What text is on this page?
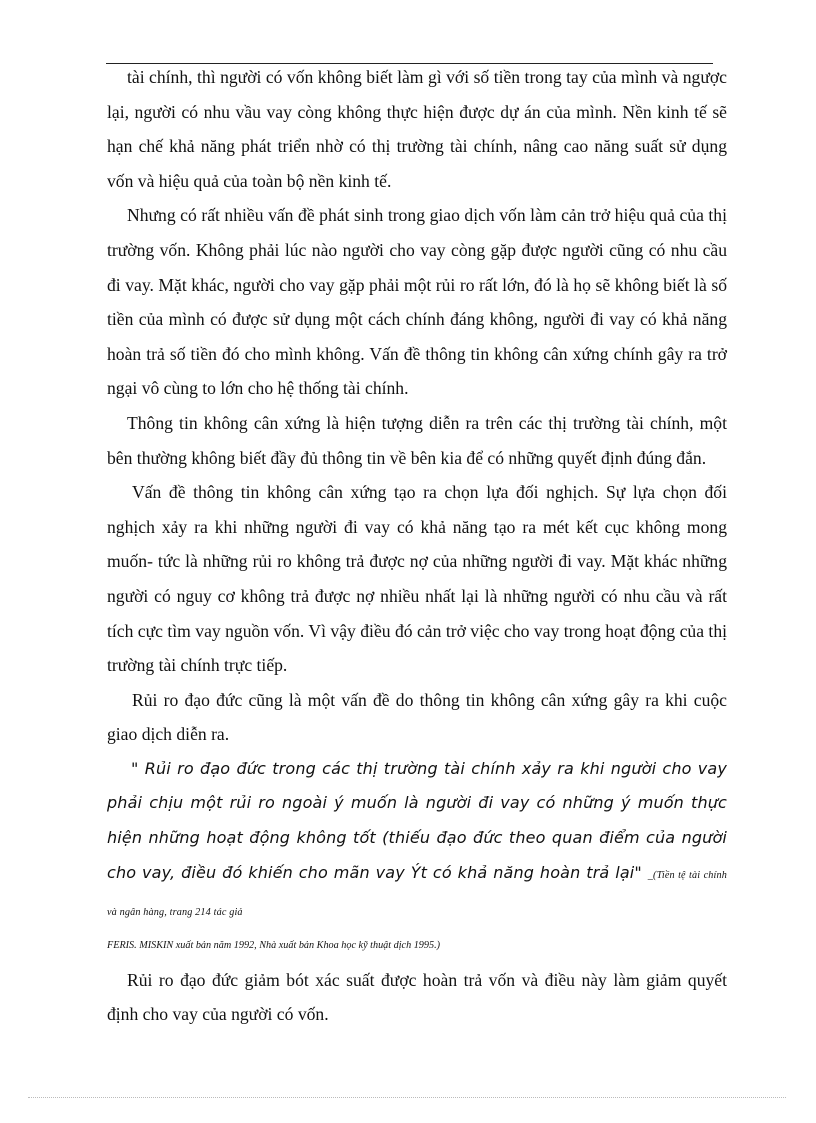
tài chính, thì người có vốn không biết làm gì với số tiền trong tay của mình và ngược lại, người có nhu vầu vay còng không thực hiện được dự án của mình. Nền kinh tế sẽ hạn chế khả năng phát triển nhờ có thị trường tài chính, nâng cao năng suất sử dụng vốn và hiệu quả của toàn bộ nền kinh tế.

Nhưng có rất nhiều vấn đề phát sinh trong giao dịch vốn làm cản trở hiệu quả của thị trường vốn. Không phải lúc nào người cho vay còng gặp được người cũng có nhu cầu đi vay. Mặt khác, người cho vay gặp phải một rủi ro rất lớn, đó là họ sẽ không biết là số tiền của mình có được sử dụng một cách chính đáng không, người đi vay có khả năng hoàn trả số tiền đó cho mình không. Vấn đề thông tin không cân xứng chính gây ra trở ngại vô cùng to lớn cho hệ thống tài chính.

Thông tin không cân xứng là hiện tượng diễn ra trên các thị trường tài chính, một bên thường không biết đầy đủ thông tin về bên kia để có những quyết định đúng đắn.

Vấn đề thông tin không cân xứng tạo ra chọn lựa đối nghịch. Sự lựa chọn đối nghịch xảy ra khi những người đi vay có khả năng tạo ra mét kết cục không mong muốn- tức là những rủi ro không trả được nợ của những người đi vay. Mặt khác những người có nguy cơ không trả được nợ nhiều nhất lại là những người có nhu cầu và rất tích cực tìm vay nguồn vốn. Vì vậy điều đó cản trở việc cho vay trong hoạt động của thị trường tài chính trực tiếp.

Rủi ro đạo đức cũng là một vấn đề do thông tin không cân xứng gây ra khi cuộc giao dịch diễn ra.

" Rủi ro đạo đức trong các thị trường tài chính xảy ra khi người cho vay phải chịu một rủi ro ngoài ý muốn là người đi vay có những ý muốn thực hiện những hoạt động không tốt (thiếu đạo đức theo quan điểm của người cho vay, điều đó khiến cho mãn vay Ýt có khả năng hoàn trả lại" _(Tiền tệ tài chính và ngân hàng, trang 214 tác giả

FERIS. MISKIN xuất bản năm 1992, Nhà xuất bản Khoa học kỹ thuật dịch 1995.)

Rủi ro đạo đức giảm bót xác suất được hoàn trả vốn và điều này làm giảm quyết định cho vay của người có vốn.
